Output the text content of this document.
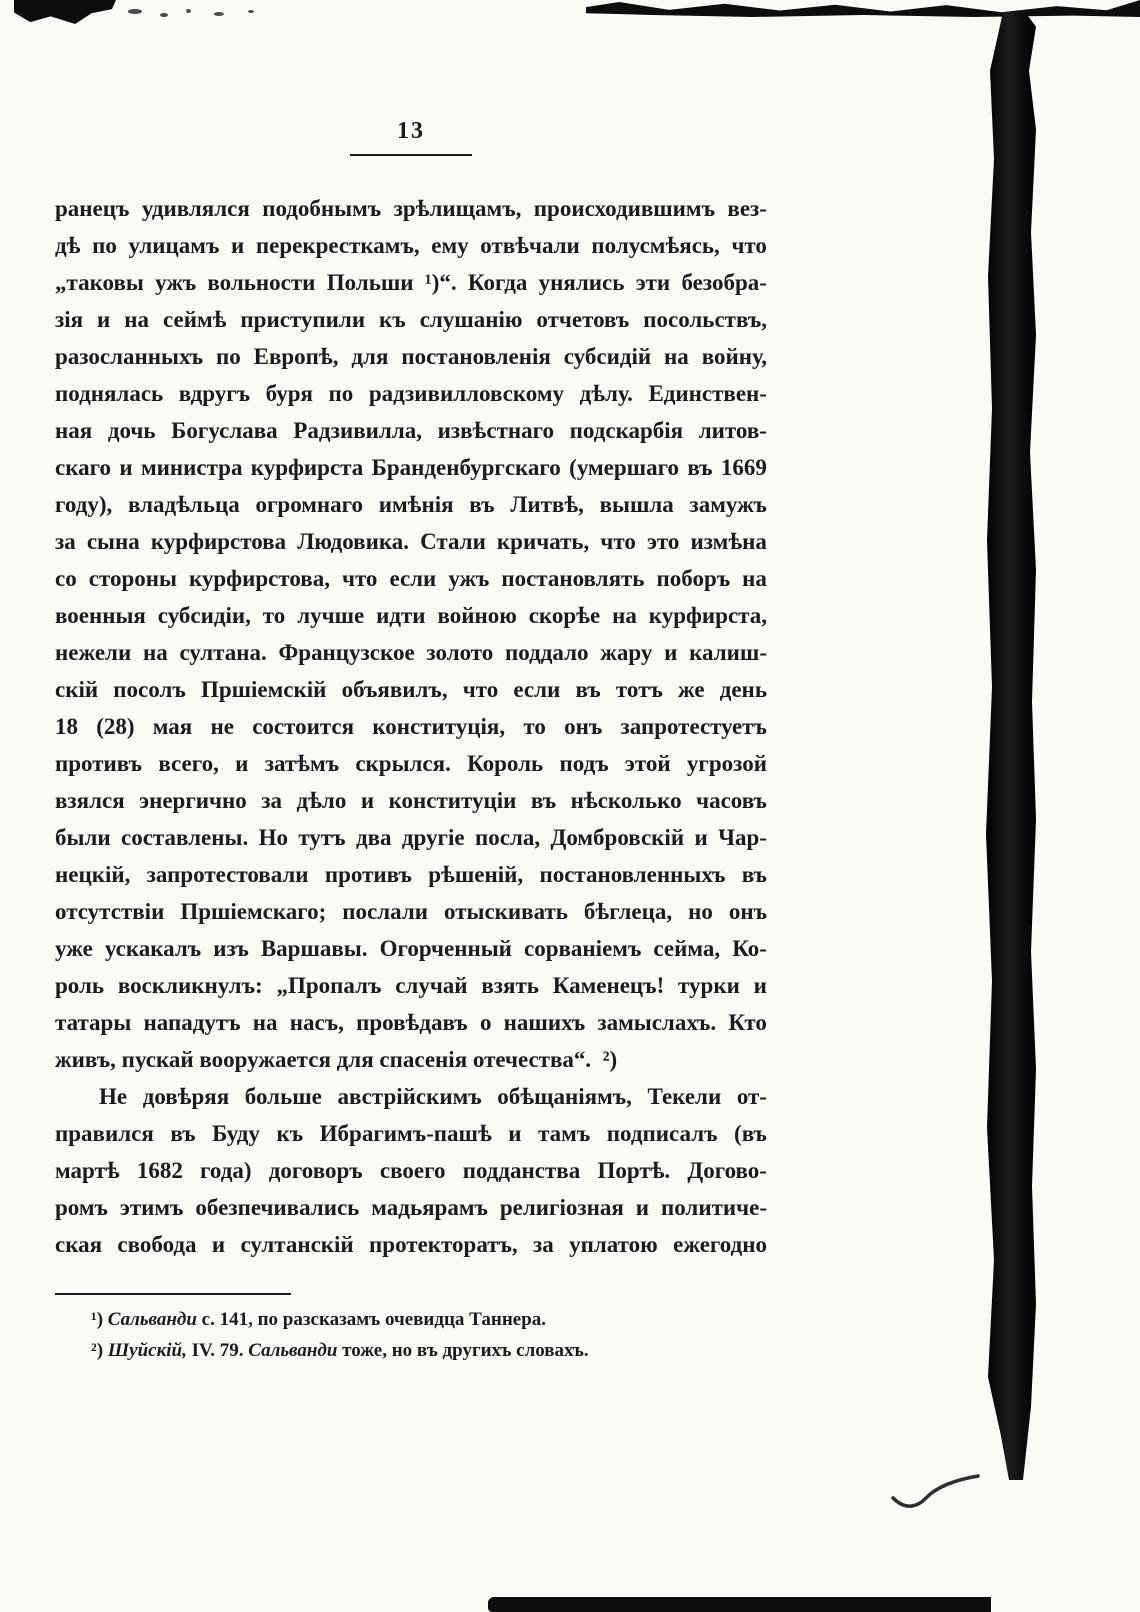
13
ранецъ удивлялся подобнымъ зрѣлищамъ, происходившимъ вез-
дѣ по улицамъ и перекресткамъ, ему отвѣчали полусмѣясь, что
„таковы ужъ вольности Польши ¹)“. Когда унялись эти безобра-
зія и на сеймѣ приступили къ слушанію отчетовъ посольствъ,
разосланныхъ по Европѣ, для постановленія субсидій на войну,
поднялась вдругъ буря по радзивилловскому дѣлу. Единствен-
ная дочь Богуслава Радзивилла, извѣстнаго подскарбія литов-
скаго и министра курфирста Бранденбургскаго (умершаго въ 1669
году), владѣльца огромнаго имѣнія въ Литвѣ, вышла замужъ
за сына курфирстова Людовика. Стали кричать, что это измѣна
со стороны курфирстова, что если ужъ постановлять поборъ на
военныя субсидіи, то лучше идти войною скорѣе на курфирста,
нежели на султана. Французское золото поддало жару и калиш-
скій посолъ Пршіемскій объявилъ, что если въ тотъ же день
18 (28) мая не состоится конституція, то онъ запротестуетъ
противъ всего, и затѣмъ скрылся. Король подъ этой угрозой
взялся энергично за дѣло и конституціи въ нѣсколько часовъ
были составлены. Но тутъ два другіе посла, Домбровскій и Чар-
нецкій, запротестовали противъ рѣшеній, постановленныхъ въ
отсутствіи Пршіемскаго; послали отыскивать бѣглеца, но онъ
уже ускакалъ изъ Варшавы. Огорченный сорваніемъ сейма, Ко-
роль воскликнулъ: „Пропалъ случай взять Каменецъ! турки и
татары нападутъ на насъ, провѣдавъ о нашихъ замыслахъ. Кто
живъ, пускай вооружается для спасенія отечества“.  ²)
Не довѣряя больше австрійскимъ обѣщаніямъ, Текели от-
правился въ Буду къ Ибрагимъ-пашѣ и тамъ подписалъ (въ
мартѣ 1682 года) договоръ своего подданства Портѣ. Догово-
ромъ этимъ обезпечивались мадьярамъ религіозная и политиче-
ская свобода и султанскій протекторатъ, за уплатою ежегодно
¹) Сальванди с. 141, по разсказамъ очевидца Таннера.
²) Шуйскій, IV. 79. Сальванди тоже, но въ другихъ словахъ.
